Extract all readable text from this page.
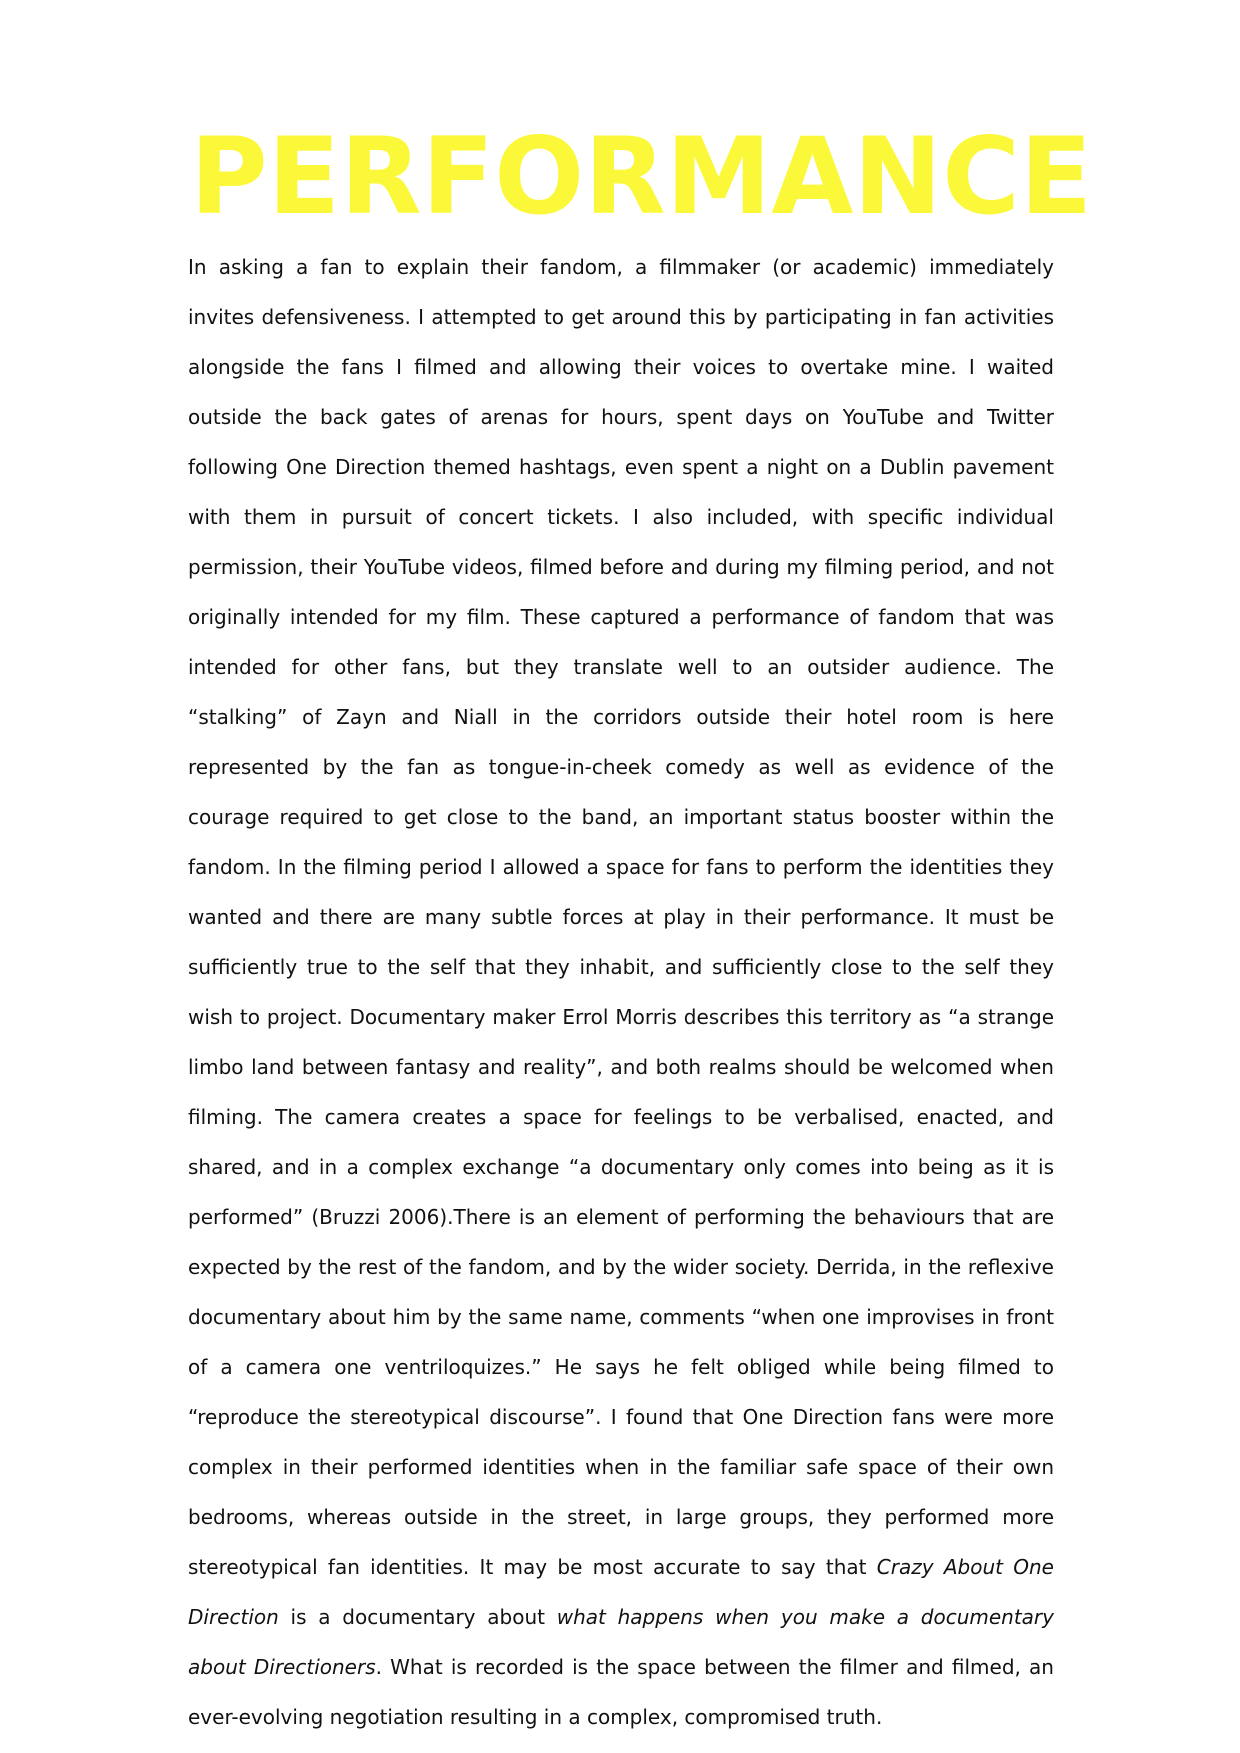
PERFORMANCE

In asking a fan to explain their fandom, a filmmaker (or academic) immediately invites defensiveness. I attempted to get around this by participating in fan activities alongside the fans I filmed and allowing their voices to overtake mine. I waited outside the back gates of arenas for hours, spent days on YouTube and Twitter following One Direction themed hashtags, even spent a night on a Dublin pavement with them in pursuit of concert tickets. I also included, with specific individual permission, their YouTube videos, filmed before and during my filming period, and not originally intended for my film. These captured a performance of fandom that was intended for other fans, but they translate well to an outsider audience. The “stalking” of Zayn and Niall in the corridors outside their hotel room is here represented by the fan as tongue-in-cheek comedy as well as evidence of the courage required to get close to the band, an important status booster within the fandom. In the filming period I allowed a space for fans to perform the identities they wanted and there are many subtle forces at play in their performance. It must be sufficiently true to the self that they inhabit, and sufficiently close to the self they wish to project. Documentary maker Errol Morris describes this territory as “a strange limbo land between fantasy and reality”, and both realms should be welcomed when filming. The camera creates a space for feelings to be verbalised, enacted, and shared, and in a complex exchange “a documentary only comes into being as it is performed” (Bruzzi 2006).There is an element of performing the behaviours that are expected by the rest of the fandom, and by the wider society. Derrida, in the reflexive documentary about him by the same name, comments “when one improvises in front of a camera one ventriloquizes.” He says he felt obliged while being filmed to “reproduce the stereotypical discourse”. I found that One Direction fans were more complex in their performed identities when in the familiar safe space of their own bedrooms, whereas outside in the street, in large groups, they performed more stereotypical fan identities. It may be most accurate to say that Crazy About One Direction is a documentary about what happens when you make a documentary about Directioners. What is recorded is the space between the filmer and filmed, an ever-evolving negotiation resulting in a complex, compromised truth.
